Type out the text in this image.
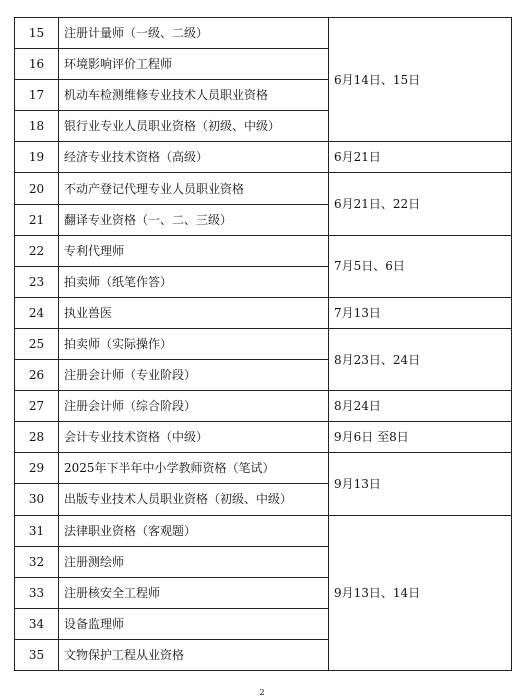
15	注册计量师（一级、二级）	6月14日、15日
16	环境影响评价工程师	
17	机动车检测维修专业技术人员职业资格	
18	银行业专业人员职业资格（初级、中级）	
19	经济专业技术资格（高级）	6月21日
20	不动产登记代理专业人员职业资格	6月21日、22日
21	翻译专业资格（一、二、三级）	
22	专利代理师	7月5日、6日
23	拍卖师（纸笔作答）	
24	执业兽医	7月13日
25	拍卖师（实际操作）	8月23日、24日
26	注册会计师（专业阶段）	
27	注册会计师（综合阶段）	8月24日
28	会计专业技术资格（中级）	9月6日 至8日
29	2025年下半年中小学教师资格（笔试）	9月13日
30	出版专业技术人员职业资格（初级、中级）	
31	法律职业资格（客观题）	9月13日、14日
32	注册测绘师	
33	注册核安全工程师	
34	设备监理师	
35	文物保护工程从业资格	
2
